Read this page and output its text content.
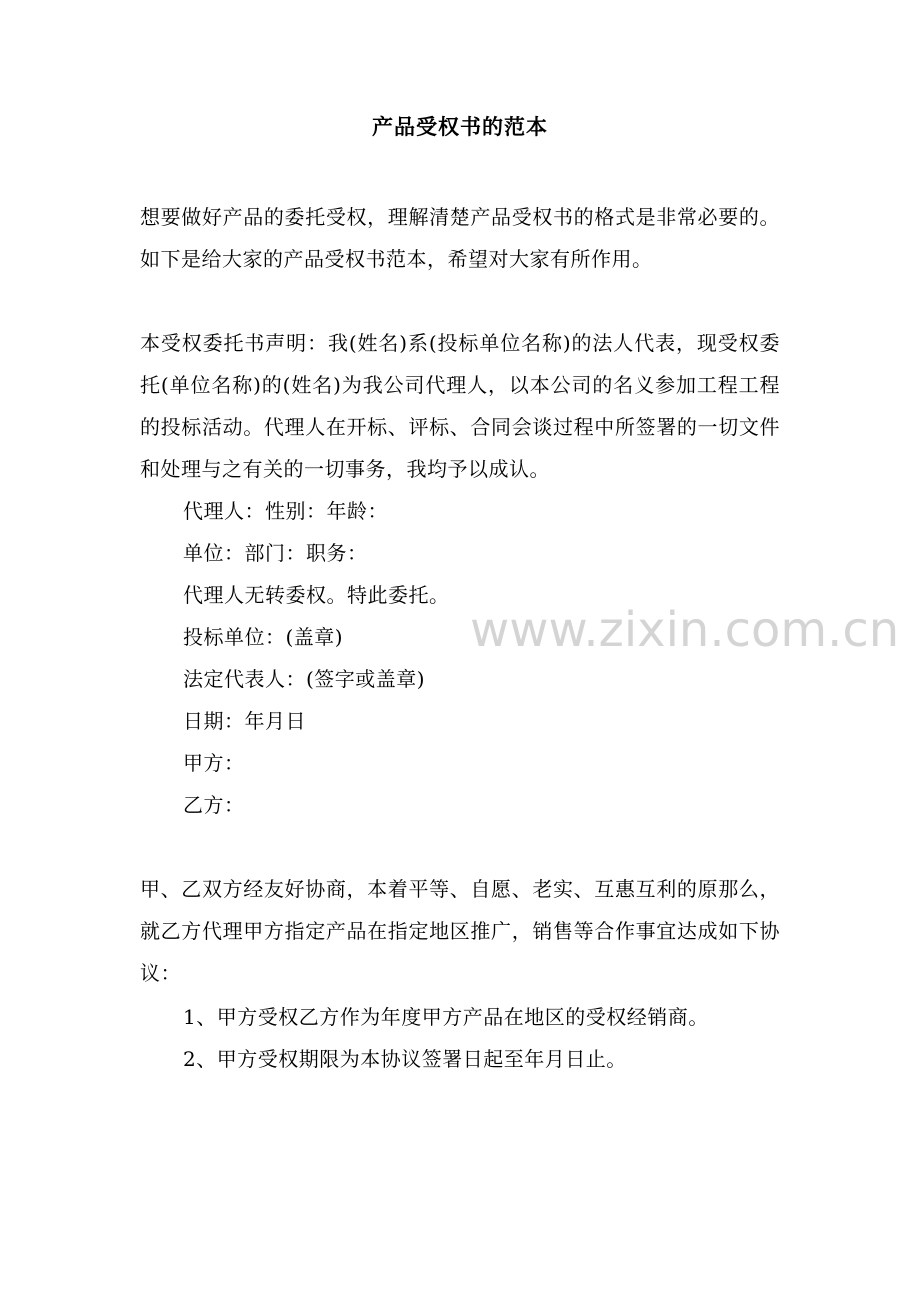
产品受权书的范本
想要做好产品的委托受权，理解清楚产品受权书的格式是非常必要的。如下是给大家的产品受权书范本，希望对大家有所作用。
本受权委托书声明：我(姓名)系(投标单位名称)的法人代表，现受权委托(单位名称)的(姓名)为我公司代理人，以本公司的名义参加工程工程的投标活动。代理人在开标、评标、合同会谈过程中所签署的一切文件和处理与之有关的一切事务，我均予以成认。
代理人：性别：年龄：
单位：部门：职务：
代理人无转委权。特此委托。
投标单位：(盖章)
法定代表人：(签字或盖章)
日期：年月日
甲方：
乙方：
甲、乙双方经友好协商，本着平等、自愿、老实、互惠互利的原那么，就乙方代理甲方指定产品在指定地区推广，销售等合作事宜达成如下协议：
1、甲方受权乙方作为年度甲方产品在地区的受权经销商。
2、甲方受权期限为本协议签署日起至年月日止。
www.zixin.com.cn
